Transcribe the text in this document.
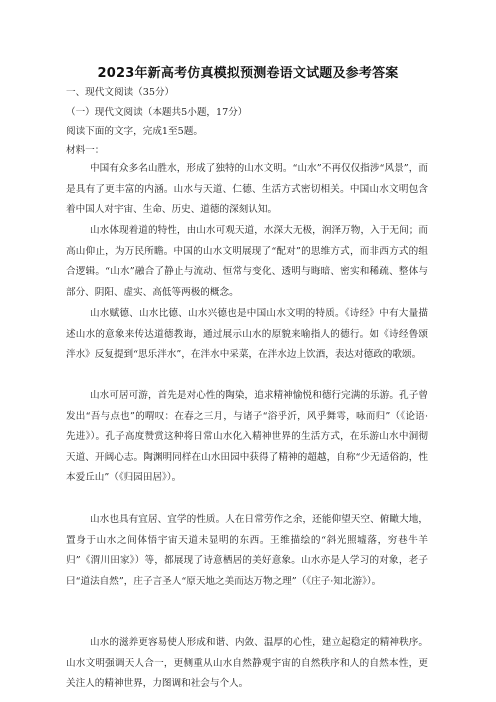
2023年新高考仿真模拟预测卷语文试题及参考答案
一、现代文阅读（35分）
（一）现代文阅读（本题共5小题，17分）
阅读下面的文字，完成1至5题。
材料一：

中国有众多名山胜水，形成了独特的山水文明。“山水”不再仅仅指涉“风景”，而是具有了更丰富的内涵。山水与天道、仁德、生活方式密切相关。中国山水文明包含着中国人对宇宙、生命、历史、道德的深刻认知。

山水体现着道的特性，由山水可观天道，水深大无极，润泽万物，入于无间；而高山仰止，为万民所瞻。中国的山水文明展现了“配对”的思维方式，而非西方式的组合逻辑。“山水”融合了静止与流动、恒常与变化、透明与晦暗、密实和稀疏、整体与部分、阴阳、虚实、高低等两极的概念。

山水赋德、山水比德、山水兴德也是中国山水文明的特质。《诗经》中有大量描述山水的意象来传达道德教诲，通过展示山水的原貌来喻指人的德行。如《诗经鲁颂泮水》反复提到“思乐泮水”，在泮水中采菜，在泮水边上饮酒，表达对德政的歌颂。

山水可居可游，首先是对心性的陶染，追求精神愉悦和德行完满的乐游。孔子曾发出“吾与点也”的喟叹：在春之三月，与诸子“浴乎沂，风乎舞雩，咏而归”（《论语·先进》）。孔子高度赞赏这种将日常山水化入精神世界的生活方式，在乐游山水中洞彻天道、开阔心志。陶渊明同样在山水田园中获得了精神的超越，自称“少无适俗韵，性本爱丘山”（《归园田居》）。

山水也具有宜居、宜学的性质。人在日常劳作之余，还能仰望天空、俯瞰大地，置身于山水之间体悟宇宙天道未显明的东西。王维描绘的“斜光照墟落，穷巷牛羊归”《渭川田家》）等，都展现了诗意栖居的美好意象。山水亦是人学习的对象，老子曰“道法自然”，庄子言圣人“原天地之美而达万物之理”（《庄子·知北游》）。

山水的滋养更容易使人形成和谐、内敛、温厚的心性，建立起稳定的精神秩序。山水文明强调天人合一，更侧重从山水自然静观宇宙的自然秩序和人的自然本性，更关注人的精神世界，力图调和社会与个人。
